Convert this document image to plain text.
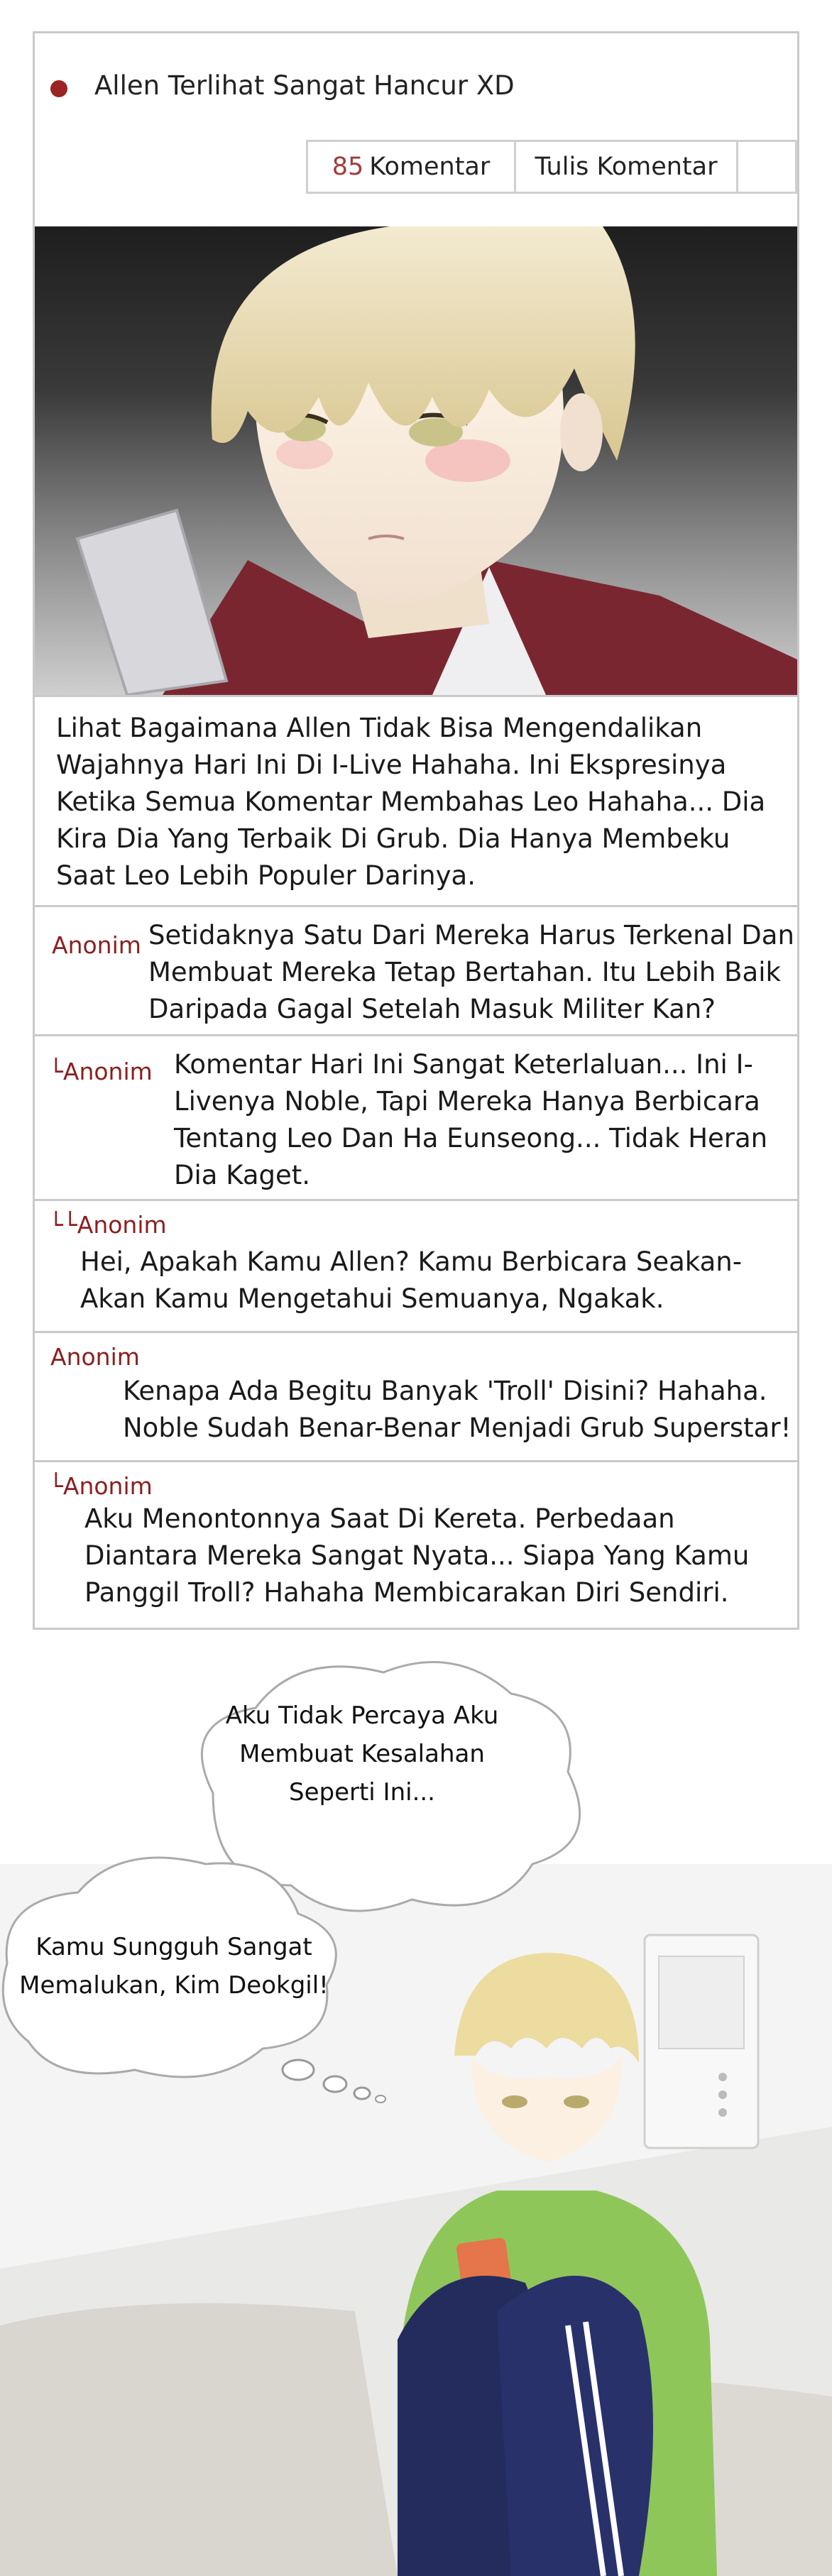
Allen Terlihat Sangat Hancur XD
85 Komentar	Tulis Komentar

Lihat Bagaimana Allen Tidak Bisa Mengendalikan Wajahnya Hari Ini Di I-Live Hahaha. Ini Ekspresinya Ketika Semua Komentar Membahas Leo Hahaha... Dia Kira Dia Yang Terbaik Di Grub. Dia Hanya Membeku Saat Leo Lebih Populer Darinya.

Anonim Setidaknya Satu Dari Mereka Harus Terkenal Dan Membuat Mereka Tetap Bertahan. Itu Lebih Baik Daripada Gagal Setelah Masuk Militer Kan?
└Anonim Komentar Hari Ini Sangat Keterlaluan... Ini I-Livenya Noble, Tapi Mereka Hanya Berbicara Tentang Leo Dan Ha Eunseong... Tidak Heran Dia Kaget.
└└Anonim
Hei, Apakah Kamu Allen? Kamu Berbicara Seakan-Akan Kamu Mengetahui Semuanya, Ngakak.
Anonim
Kenapa Ada Begitu Banyak 'Troll' Disini? Hahaha. Noble Sudah Benar-Benar Menjadi Grub Superstar!
└Anonim
Aku Menontonnya Saat Di Kereta. Perbedaan Diantara Mereka Sangat Nyata... Siapa Yang Kamu Panggil Troll? Hahaha Membicarakan Diri Sendiri.
Aku Tidak Percaya Aku Membuat Kesalahan Seperti Ini...
Kamu Sungguh Sangat Memalukan, Kim Deokgil!
